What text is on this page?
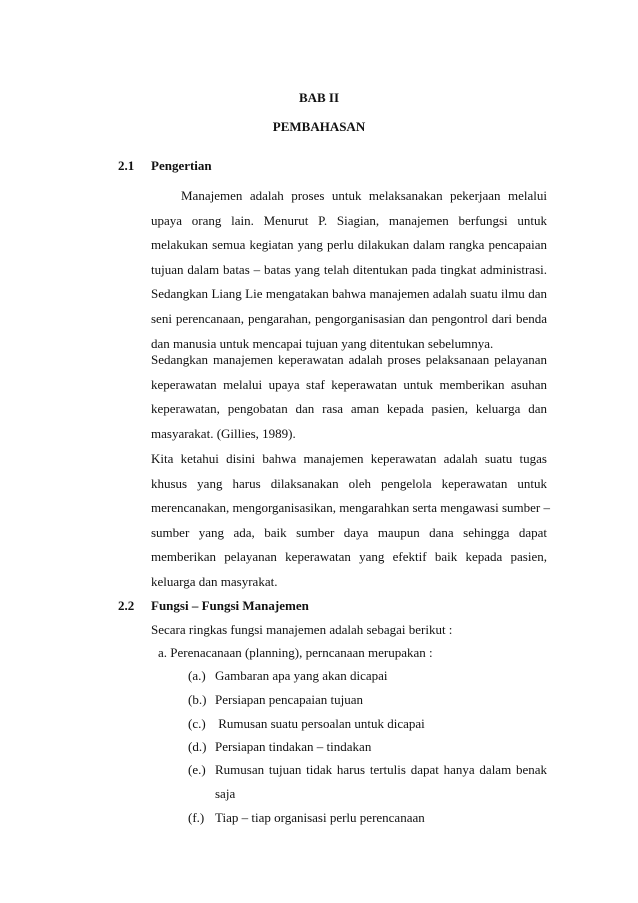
BAB II
PEMBAHASAN
2.1 Pengertian
Manajemen adalah proses untuk melaksanakan pekerjaan melalui
upaya orang lain. Menurut P. Siagian, manajemen berfungsi untuk
melakukan semua kegiatan yang perlu dilakukan dalam rangka pencapaian
tujuan dalam batas – batas yang telah ditentukan pada tingkat administrasi.
Sedangkan Liang Lie mengatakan bahwa manajemen adalah suatu ilmu dan
seni perencanaan, pengarahan, pengorganisasian dan pengontrol dari benda
dan manusia untuk mencapai tujuan yang ditentukan sebelumnya.
Sedangkan manajemen keperawatan adalah proses pelaksanaan pelayanan
keperawatan melalui upaya staf keperawatan untuk memberikan asuhan
keperawatan, pengobatan dan rasa aman kepada pasien, keluarga dan
masyarakat. (Gillies, 1989).
Kita ketahui disini bahwa manajemen keperawatan adalah suatu tugas
khusus yang harus dilaksanakan oleh pengelola keperawatan untuk
merencanakan, mengorganisasikan, mengarahkan serta mengawasi sumber –
sumber yang ada, baik sumber daya maupun dana sehingga dapat
memberikan pelayanan keperawatan yang efektif baik kepada pasien,
keluarga dan masyrakat.
2.2 Fungsi – Fungsi Manajemen
Secara ringkas fungsi manajemen adalah sebagai berikut :
a. Perenacanaan (planning), perncanaan merupakan :
(a.) Gambaran apa yang akan dicapai
(b.) Persiapan pencapaian tujuan
(c.) Rumusan suatu persoalan untuk dicapai
(d.) Persiapan tindakan – tindakan
(e.) Rumusan tujuan tidak harus tertulis dapat hanya dalam benak
saja
(f.) Tiap – tiap organisasi perlu perencanaan
